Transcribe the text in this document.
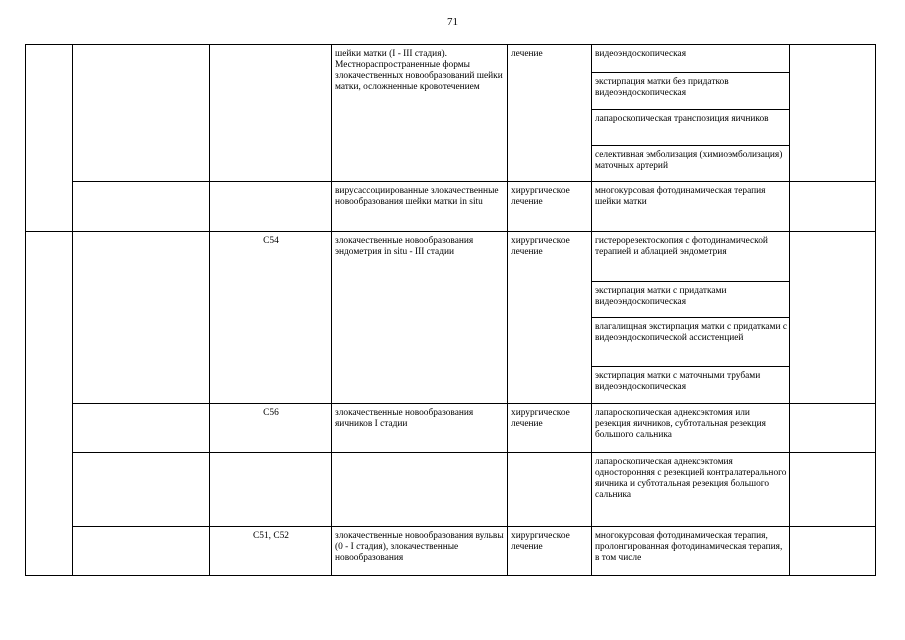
71
			шейки матки (I - III стадия). Местнораспространенные формы злокачественных новообразований шейки матки, осложненные кровотечением	лечение	видеоэндоскопическая	
					экстирпация матки без придатков видеоэндоскопическая	
					лапароскопическая транспозиция яичников	
					селективная эмболизация (химиоэмболизация) маточных артерий	
			вирусассоциированные злокачественные новообразования шейки матки in situ	хирургическое лечение	многокурсовая фотодинамическая терапия шейки матки	
		C54	злокачественные новообразования эндометрия in situ - III стадии	хирургическое лечение	гистерорезектоскопия с фотодинамической терапией и аблацией эндометрия	
					экстирпация матки с придатками видеоэндоскопическая	
					влагалищная экстирпация матки с придатками с видеоэндоскопической ассистенцией	
					экстирпация матки с маточными трубами видеоэндоскопическая	
		C56	злокачественные новообразования яичников I стадии	хирургическое лечение	лапароскопическая аднексэктомия или резекция яичников, субтотальная резекция большого сальника	
					лапароскопическая аднексэктомия односторонняя с резекцией контралатерального яичника и субтотальная резекция большого сальника	
		C51, C52	злокачественные новообразования вульвы (0 - I стадия), злокачественные новообразования	хирургическое лечение	многокурсовая фотодинамическая терапия, пролонгированная фотодинамическая терапия, в том числе	
